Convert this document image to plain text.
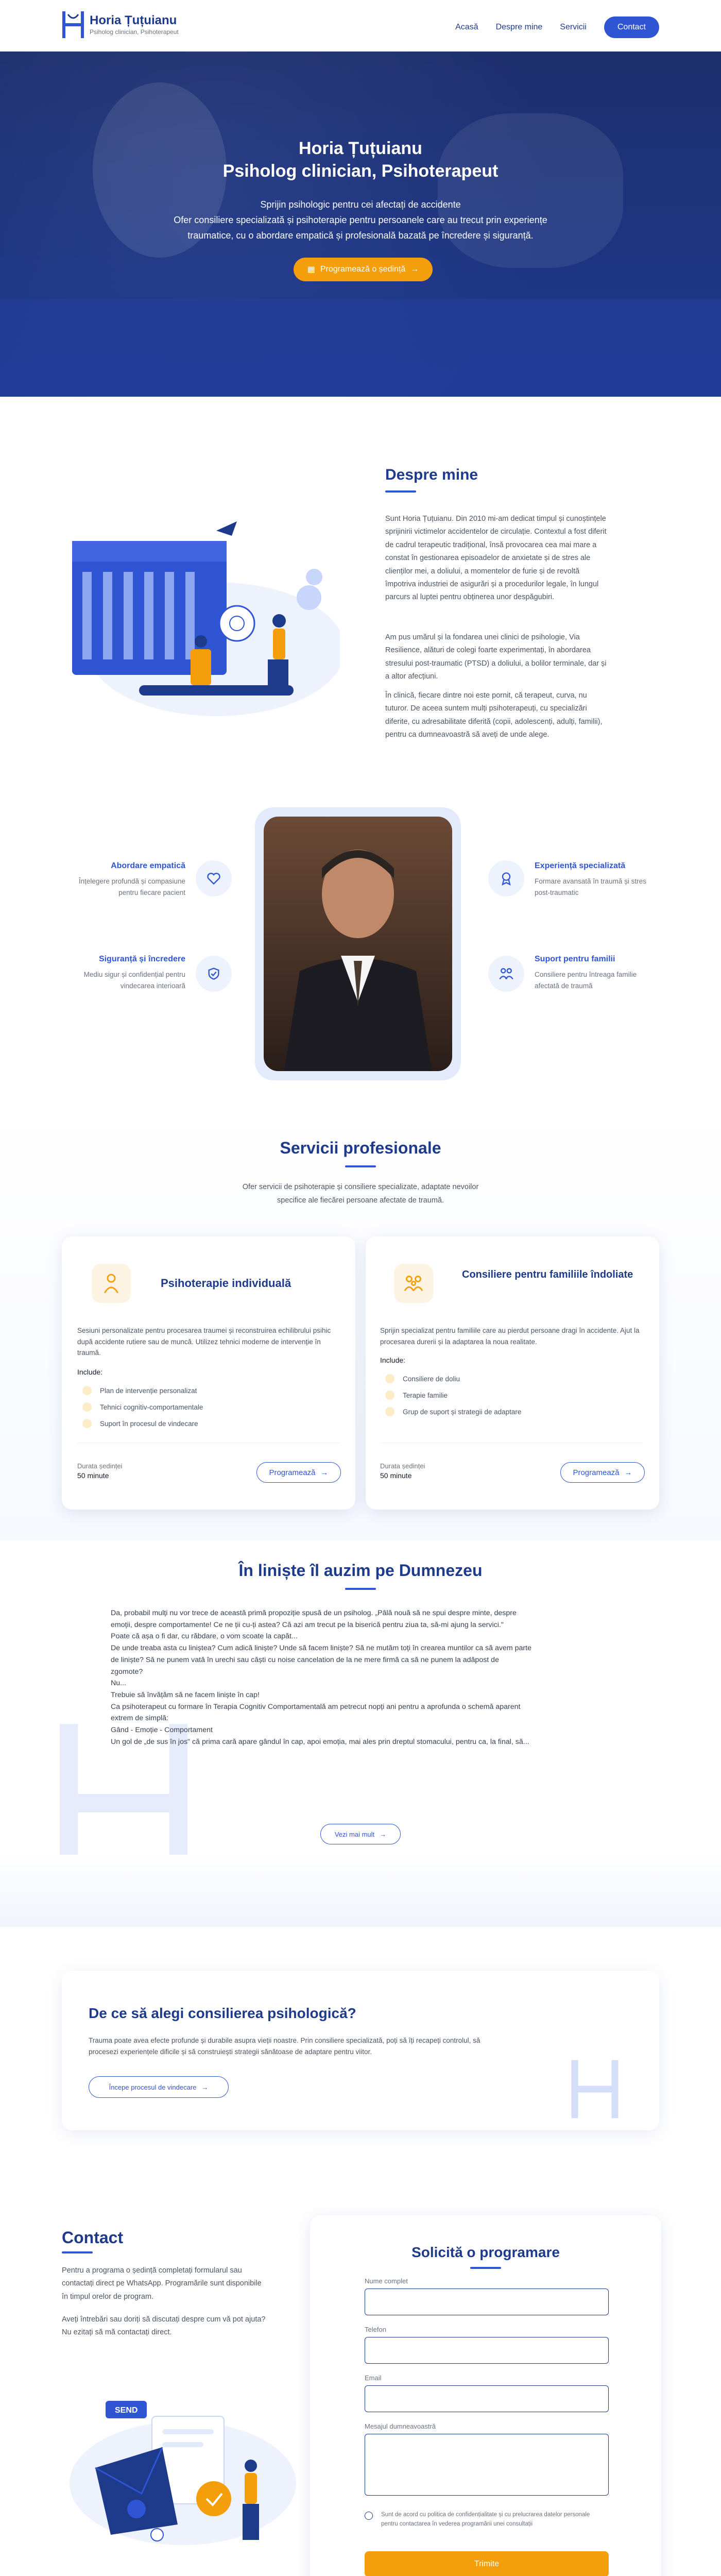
Horia Țuțuianu
Psiholog clinician, Psihoterapeut
Acasă Despre mine Servicii	Contact
Horia Țuțuianu
Psiholog clinician, Psihoterapeut

Sprijin psihologic pentru cei afectați de accidente

Ofer consiliere specializată și psihoterapie pentru persoanele care au trecut prin experiențe

traumatice, cu o abordare empatică și profesională bazată pe încredere și siguranță.

▦ Programează o ședință →
Despre mine
Sunt Horia Țuțuianu. Din 2010 mi-am dedicat timpul și cunoștințele sprijinirii victimelor accidentelor de circulație. Contextul a fost diferit de cadrul terapeutic tradițional, însă provocarea cea mai mare a constat în gestionarea episoadelor de anxietate și de stres ale clienților mei, a doliului, a momentelor de furie și de revoltă împotriva industriei de asigurări și a procedurilor legale, în lungul parcurs al luptei pentru obținerea unor despăgubiri.
Am pus umărul și la fondarea unei clinici de psihologie, Via Resilience, alături de colegi foarte experimentați, în abordarea stresului post-traumatic (PTSD) a doliului, a bolilor terminale, dar și a altor afecțiuni.
În clinică, fiecare dintre noi este pornit, că terapeut, curva, nu tuturor. De aceea suntem mulți psihoterapeuți, cu specializări diferite, cu adresabilitate diferită (copii, adolescenți, adulți, familii), pentru ca dumneavoastră să aveți de unde alege.
Abordare empatică
Înțelegere profundă și compasiune pentru fiecare pacient
Siguranță și încredere
Mediu sigur și confidențial pentru vindecarea interioară
Experiență specializată
Formare avansată în traumă și stres post-traumatic
Suport pentru familii
Consiliere pentru întreaga familie afectată de traumă
Servicii profesionale
Ofer servicii de psihoterapie și consiliere specializate, adaptate nevoilor
specifice ale fiecărei persoane afectate de traumă.
Psihoterapie individuală
Sesiuni personalizate pentru procesarea traumei și reconstruirea echilibrului psihic după accidente rutiere sau de muncă. Utilizez tehnici moderne de intervenție în traumă.
Include:
Plan de intervenție personalizat
Tehnici cognitiv-comportamentale
Suport în procesul de vindecare
Durata ședinței
50 minute	Programează →
Consiliere pentru familiile îndoliate
Sprijin specializat pentru familiile care au pierdut persoane dragi în accidente. Ajut la procesarea durerii și la adaptarea la noua realitate.
Include:
Consiliere de doliu
Terapie familie
Grup de suport și strategii de adaptare
Durata ședinței
50 minute	Programează →
În liniște îl auzim pe Dumnezeu
Da, probabil mulți nu vor trece de această primă propoziție spusă de un psiholog. „Pâlă nouă să ne spui despre minte, despre
emoții, despre comportamente! Ce ne ții cu-ți astea? Că azi am trecut pe la biserică pentru ziua ta, să-mi ajung la servici."
Poate că așa o fi dar, cu răbdare, o vom scoate la capăt...
De unde treaba asta cu liniștea? Cum adică liniște? Unde să facem liniște? Să ne mutăm toți în crearea muntilor ca să avem parte
de liniște? Să ne punem vată în urechi sau căști cu noise cancelation de la ne mere firmă ca să ne punem la adăpost de
zgomote?
Nu...
Trebuie să învățăm să ne facem liniște în cap!
Ca psihoterapeut cu formare în Terapia Cognitiv Comportamentală am petrecut nopți ani pentru a aprofunda o schemă aparent
extrem de simplă:
Gând - Emoție - Comportament
Un gol de „de sus în jos" că prima cară apare gândul în cap, apoi emoția, mai ales prin dreptul stomacului, pentru ca, la final, să...
Vezi mai mult →
De ce să alegi consilierea psihologică?
Trauma poate avea efecte profunde și durabile asupra vieții noastre. Prin consiliere specializată, poți să îți recapeți controlul, să
procesezi experiențele dificile și să construiești strategii sănătoase de adaptare pentru viitor.
Începe procesul de vindecare →
Contact
Pentru a programa o ședință completați formularul sau contactați direct pe WhatsApp. Programările sunt disponibile în timpul orelor de program.
Aveți întrebări sau doriți să discutați despre cum vă pot ajuta? Nu ezitați să mă contactați direct.
SEND
Solicită o programare
Nume complet
Telefon
Email
Mesajul dumneavoastră
Sunt de acord cu politica de confidențialitate și cu prelucrarea datelor personale pentru contactarea în vederea programării unei consultații
Trimite
